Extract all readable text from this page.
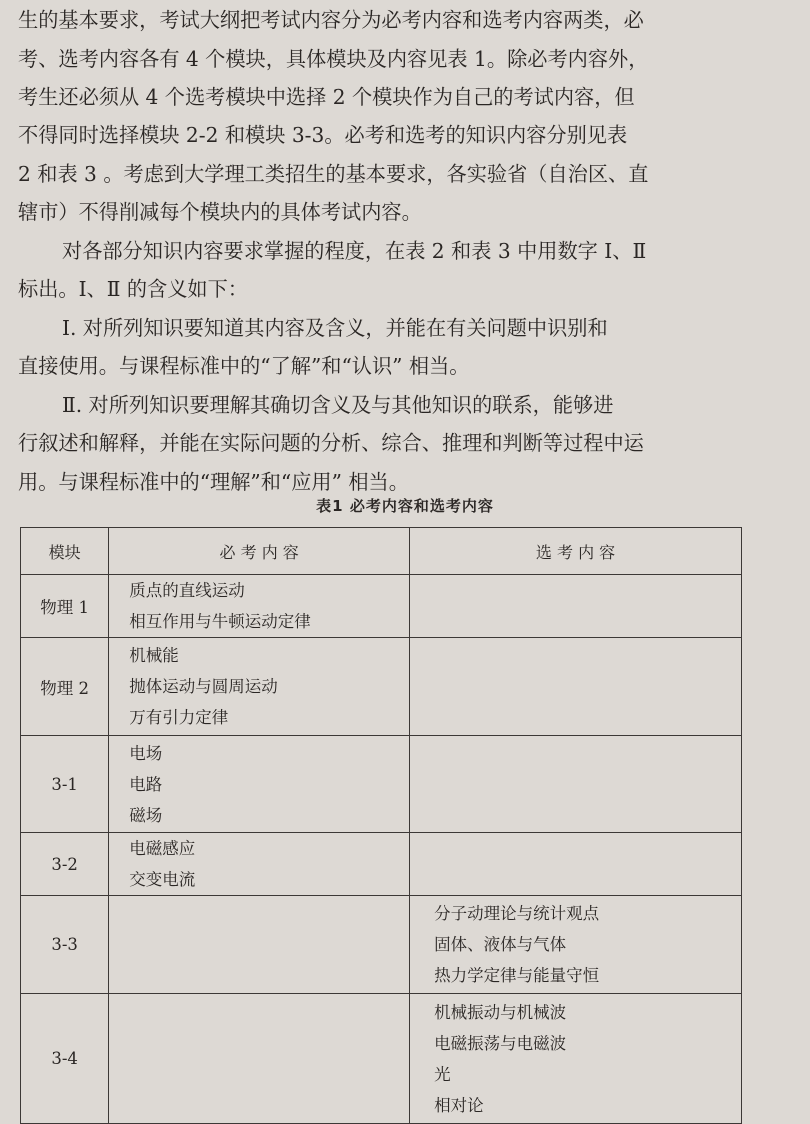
生的基本要求，考试大纲把考试内容分为必考内容和选考内容两类，必
考、选考内容各有 4 个模块，具体模块及内容见表 1。除必考内容外，
考生还必须从 4 个选考模块中选择 2 个模块作为自己的考试内容，但
不得同时选择模块 2-2 和模块 3-3。必考和选考的知识内容分别见表
2 和表 3 。考虑到大学理工类招生的基本要求，各实验省（自治区、直
辖市）不得削减每个模块内的具体考试内容。
对各部分知识内容要求掌握的程度，在表 2 和表 3 中用数字 Ⅰ、Ⅱ
标出。Ⅰ、Ⅱ 的含义如下：
Ⅰ. 对所列知识要知道其内容及含义，并能在有关问题中识别和
直接使用。与课程标准中的“了解”和“认识” 相当。
Ⅱ. 对所列知识要理解其确切含义及与其他知识的联系，能够进
行叙述和解释，并能在实际问题的分析、综合、推理和判断等过程中运
用。与课程标准中的“理解”和“应用” 相当。
表1 必考内容和选考内容
模块	必 考 内 容	选 考 内 容
物理 1	质点的直线运动
相互作用与牛顿运动定律	

物理 2	机械能
抛体运动与圆周运动
万有引力定律	

3-1	电场
电路
磁场	

3-2	电磁感应
交变电流	

3-3		分子动理论与统计观点
固体、液体与气体
热力学定律与能量守恒

3-4		机械振动与机械波
电磁振荡与电磁波
光
相对论
